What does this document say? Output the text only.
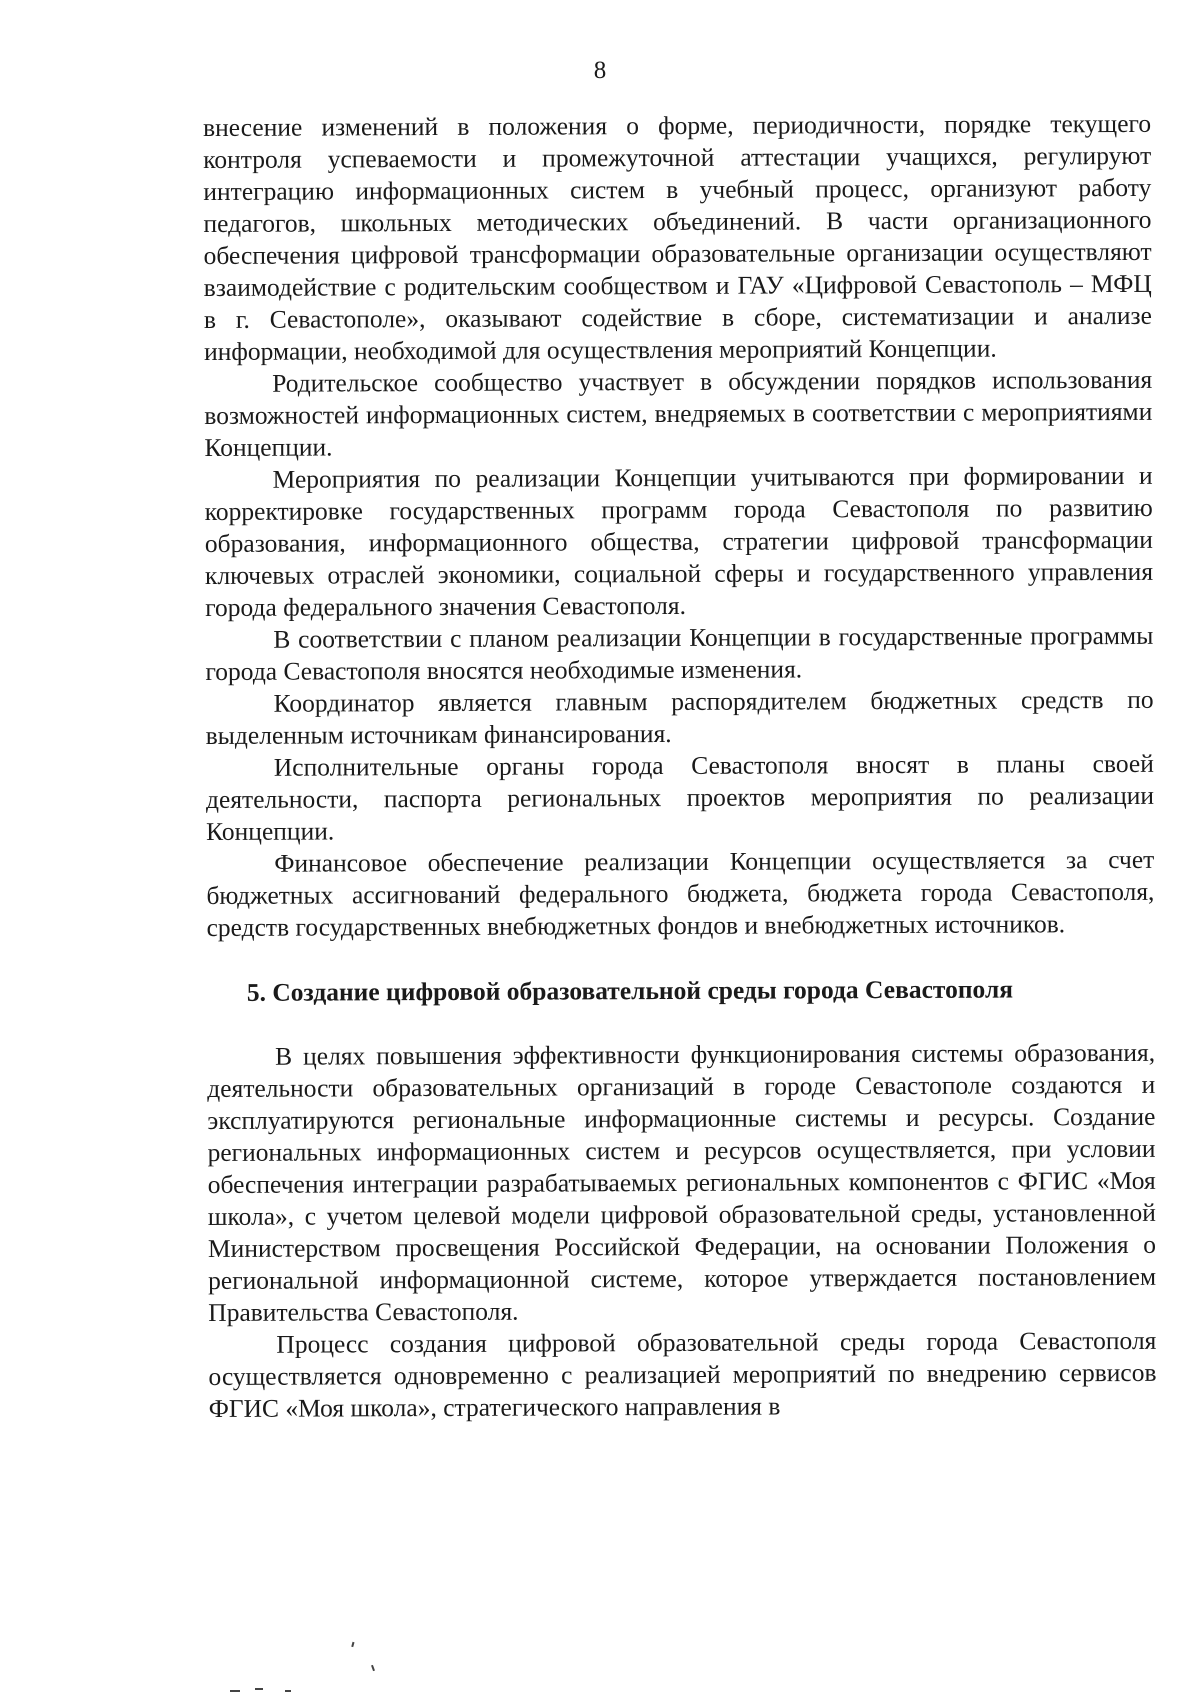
8

внесение изменений в положения о форме, периодичности, порядке текущего контроля успеваемости и промежуточной аттестации учащихся, регулируют интеграцию информационных систем в учебный процесс, организуют работу педагогов, школьных методических объединений. В части организационного обеспечения цифровой трансформации образовательные организации осуществляют взаимодействие с родительским сообществом и ГАУ «Цифровой Севастополь – МФЦ в г. Севастополе», оказывают содействие в сборе, систематизации и анализе информации, необходимой для осуществления мероприятий Концепции.

Родительское сообщество участвует в обсуждении порядков использования возможностей информационных систем, внедряемых в соответствии с мероприятиями Концепции.

Мероприятия по реализации Концепции учитываются при формировании и корректировке государственных программ города Севастополя по развитию образования, информационного общества, стратегии цифровой трансформации ключевых отраслей экономики, социальной сферы и государственного управления города федерального значения Севастополя.

В соответствии с планом реализации Концепции в государственные программы города Севастополя вносятся необходимые изменения.

Координатор является главным распорядителем бюджетных средств по выделенным источникам финансирования.

Исполнительные органы города Севастополя вносят в планы своей деятельности, паспорта региональных проектов мероприятия по реализации Концепции.

Финансовое обеспечение реализации Концепции осуществляется за счет бюджетных ассигнований федерального бюджета, бюджета города Севастополя, средств государственных внебюджетных фондов и внебюджетных источников.

5. Создание цифровой образовательной среды города Севастополя

В целях повышения эффективности функционирования системы образования, деятельности образовательных организаций в городе Севастополе создаются и эксплуатируются региональные информационные системы и ресурсы. Создание региональных информационных систем и ресурсов осуществляется, при условии обеспечения интеграции разрабатываемых региональных компонентов с ФГИС «Моя школа», с учетом целевой модели цифровой образовательной среды, установленной Министерством просвещения Российской Федерации, на основании Положения о региональной информационной системе, которое утверждается постановлением Правительства Севастополя.

Процесс создания цифровой образовательной среды города Севастополя осуществляется одновременно с реализацией мероприятий по внедрению сервисов ФГИС «Моя школа», стратегического направления в
